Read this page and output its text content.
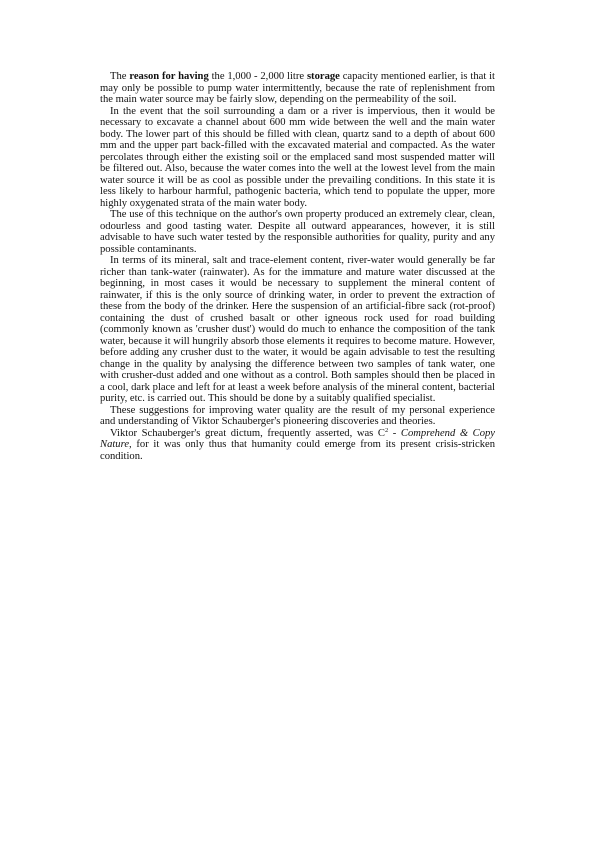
The reason for having the 1,000 - 2,000 litre storage capacity mentioned earlier, is that it may only be possible to pump water intermittently, because the rate of replenishment from the main water source may be fairly slow, depending on the permeability of the soil.

In the event that the soil surrounding a dam or a river is impervious, then it would be necessary to excavate a channel about 600 mm wide between the well and the main water body. The lower part of this should be filled with clean, quartz sand to a depth of about 600 mm and the upper part back-filled with the excavated material and compacted. As the water percolates through either the existing soil or the emplaced sand most suspended matter will be filtered out. Also, because the water comes into the well at the lowest level from the main water source it will be as cool as possible under the prevailing conditions. In this state it is less likely to harbour harmful, pathogenic bacteria, which tend to populate the upper, more highly oxygenated strata of the main water body.

The use of this technique on the author's own property produced an extremely clear, clean, odourless and good tasting water. Despite all outward appearances, however, it is still advisable to have such water tested by the responsible authorities for quality, purity and any possible contaminants.

In terms of its mineral, salt and trace-element content, river-water would generally be far richer than tank-water (rainwater). As for the immature and mature water discussed at the beginning, in most cases it would be necessary to supplement the mineral content of rainwater, if this is the only source of drinking water, in order to prevent the extraction of these from the body of the drinker. Here the suspension of an artificial-fibre sack (rot-proof) containing the dust of crushed basalt or other igneous rock used for road building (commonly known as 'crusher dust') would do much to enhance the composition of the tank water, because it will hungrily absorb those elements it requires to become mature. However, before adding any crusher dust to the water, it would be again advisable to test the resulting change in the quality by analysing the difference between two samples of tank water, one with crusher-dust added and one without as a control. Both samples should then be placed in a cool, dark place and left for at least a week before analysis of the mineral content, bacterial purity, etc. is carried out. This should be done by a suitably qualified specialist.

These suggestions for improving water quality are the result of my personal experience and understanding of Viktor Schauberger's pioneering discoveries and theories.

Viktor Schauberger's great dictum, frequently asserted, was $C^2$ - Comprehend & Copy Nature, for it was only thus that humanity could emerge from its present crisis-stricken condition.
